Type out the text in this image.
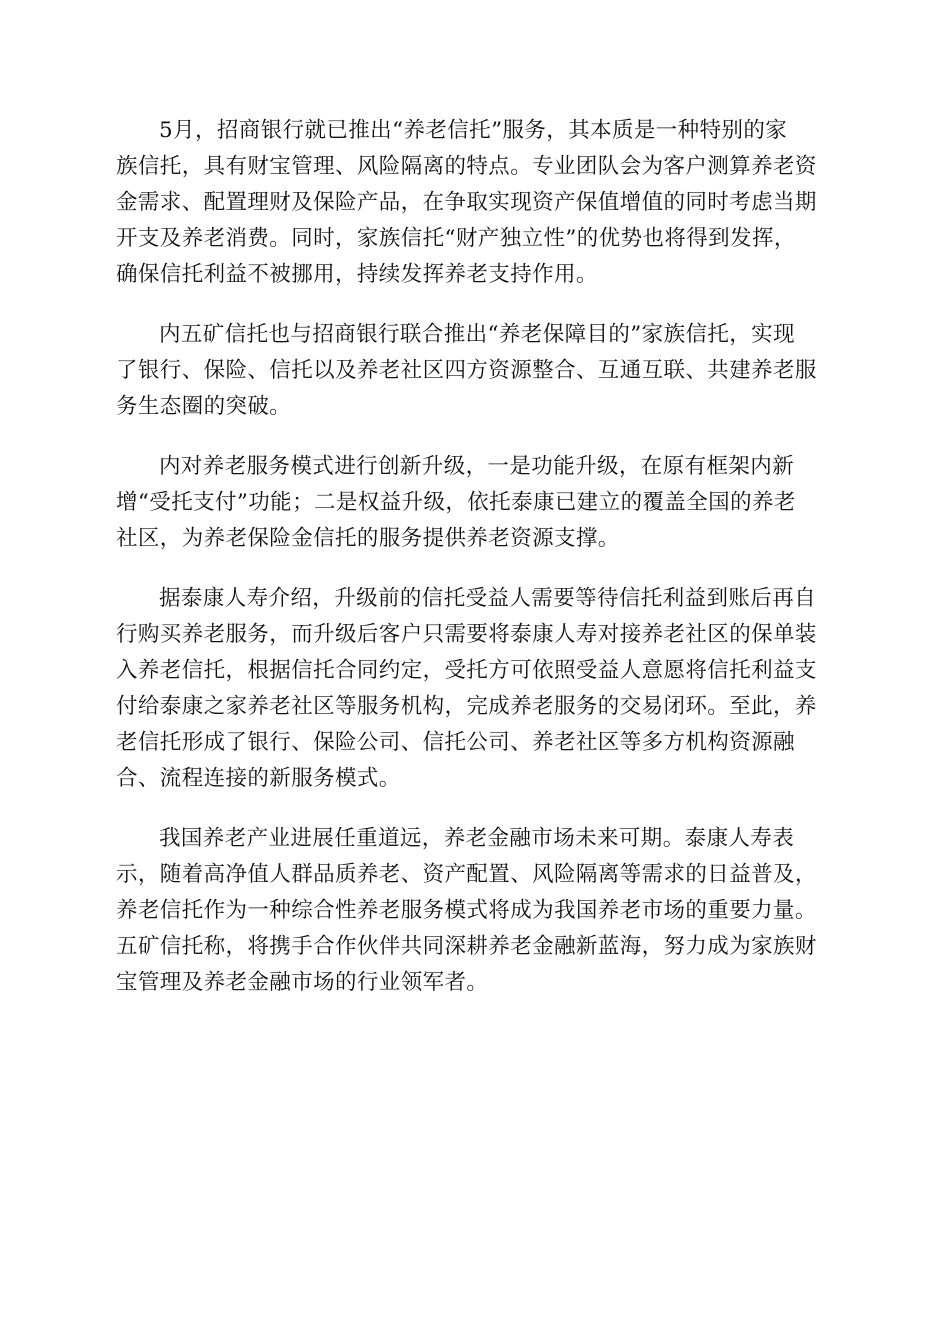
5月，招商银行就已推出“养老信托”服务，其本质是一种特别的家
族信托，具有财宝管理、风险隔离的特点。专业团队会为客户测算养老资
金需求、配置理财及保险产品，在争取实现资产保值增值的同时考虑当期
开支及养老消费。同时，家族信托“财产独立性”的优势也将得到发挥，
确保信托利益不被挪用，持续发挥养老支持作用。

内五矿信托也与招商银行联合推出“养老保障目的”家族信托，实现
了银行、保险、信托以及养老社区四方资源整合、互通互联、共建养老服
务生态圈的突破。

内对养老服务模式进行创新升级，一是功能升级，在原有框架内新
增“受托支付”功能；二是权益升级，依托泰康已建立的覆盖全国的养老
社区，为养老保险金信托的服务提供养老资源支撑。

据泰康人寿介绍，升级前的信托受益人需要等待信托利益到账后再自
行购买养老服务，而升级后客户只需要将泰康人寿对接养老社区的保单装
入养老信托，根据信托合同约定，受托方可依照受益人意愿将信托利益支
付给泰康之家养老社区等服务机构，完成养老服务的交易闭环。至此，养
老信托形成了银行、保险公司、信托公司、养老社区等多方机构资源融
合、流程连接的新服务模式。

我国养老产业进展任重道远，养老金融市场未来可期。泰康人寿表
示，随着高净值人群品质养老、资产配置、风险隔离等需求的日益普及，
养老信托作为一种综合性养老服务模式将成为我国养老市场的重要力量。
五矿信托称，将携手合作伙伴共同深耕养老金融新蓝海，努力成为家族财
宝管理及养老金融市场的行业领军者。
